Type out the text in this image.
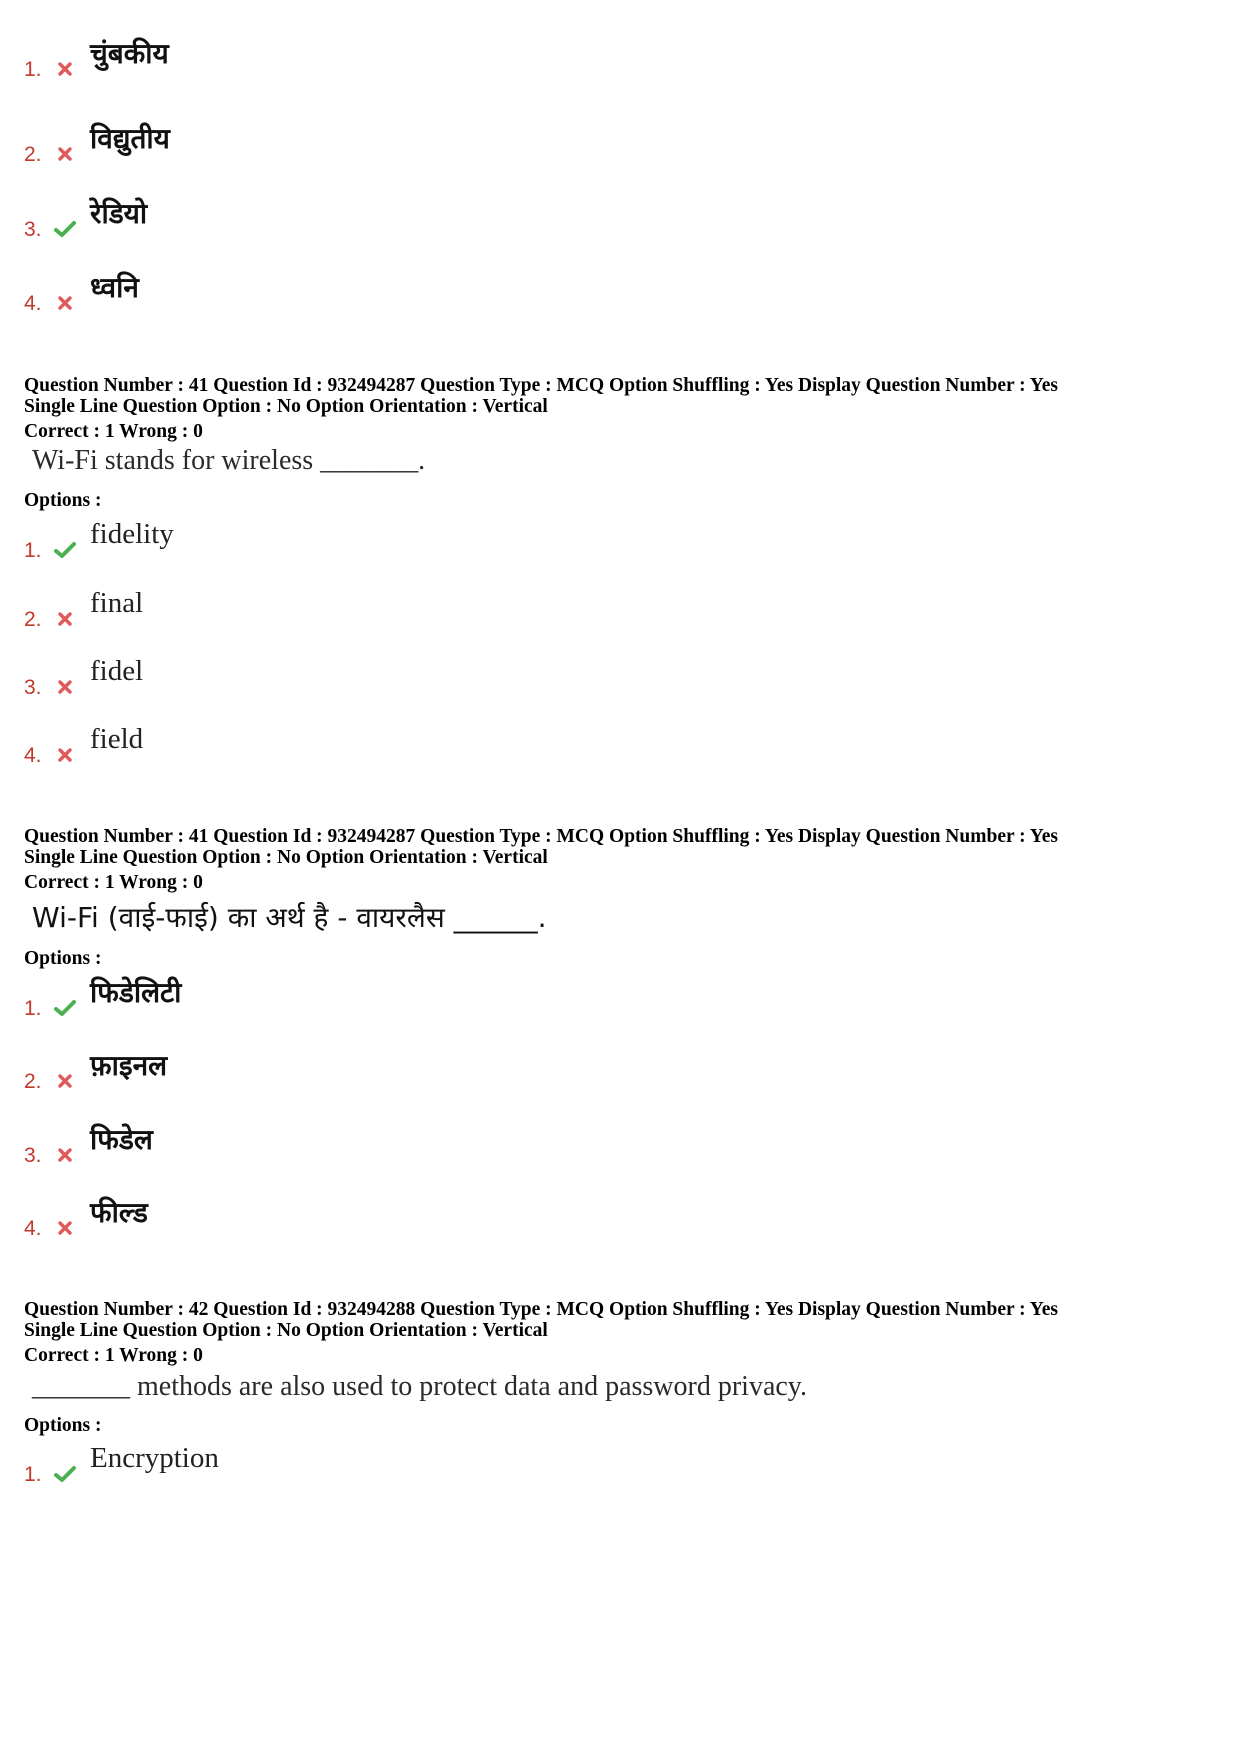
1.	चुंबकीय
2.	विद्युतीय
3.	रेडियो
4.	ध्वनि
Question Number : 41 Question Id : 932494287 Question Type : MCQ Option Shuffling : Yes Display Question Number : Yes
Single Line Question Option : No Option Orientation : Vertical
Correct : 1 Wrong : 0
Wi-Fi stands for wireless _______.
Options :
1.
fidelity
2.
final
3.
fidel
4.
field
Question Number : 41 Question Id : 932494287 Question Type : MCQ Option Shuffling : Yes Display Question Number : Yes
Single Line Question Option : No Option Orientation : Vertical
Correct : 1 Wrong : 0
Wi-Fi (वाई-फाई) का अर्थ है - वायरलैस ______.
Options :
1.	फिडेलिटी
2.	फ़ाइनल
3.	फिडेल
4.	फील्ड
Question Number : 42 Question Id : 932494288 Question Type : MCQ Option Shuffling : Yes Display Question Number : Yes
Single Line Question Option : No Option Orientation : Vertical
Correct : 1 Wrong : 0
_______ methods are also used to protect data and password privacy.
Options :
1.
Encryption
